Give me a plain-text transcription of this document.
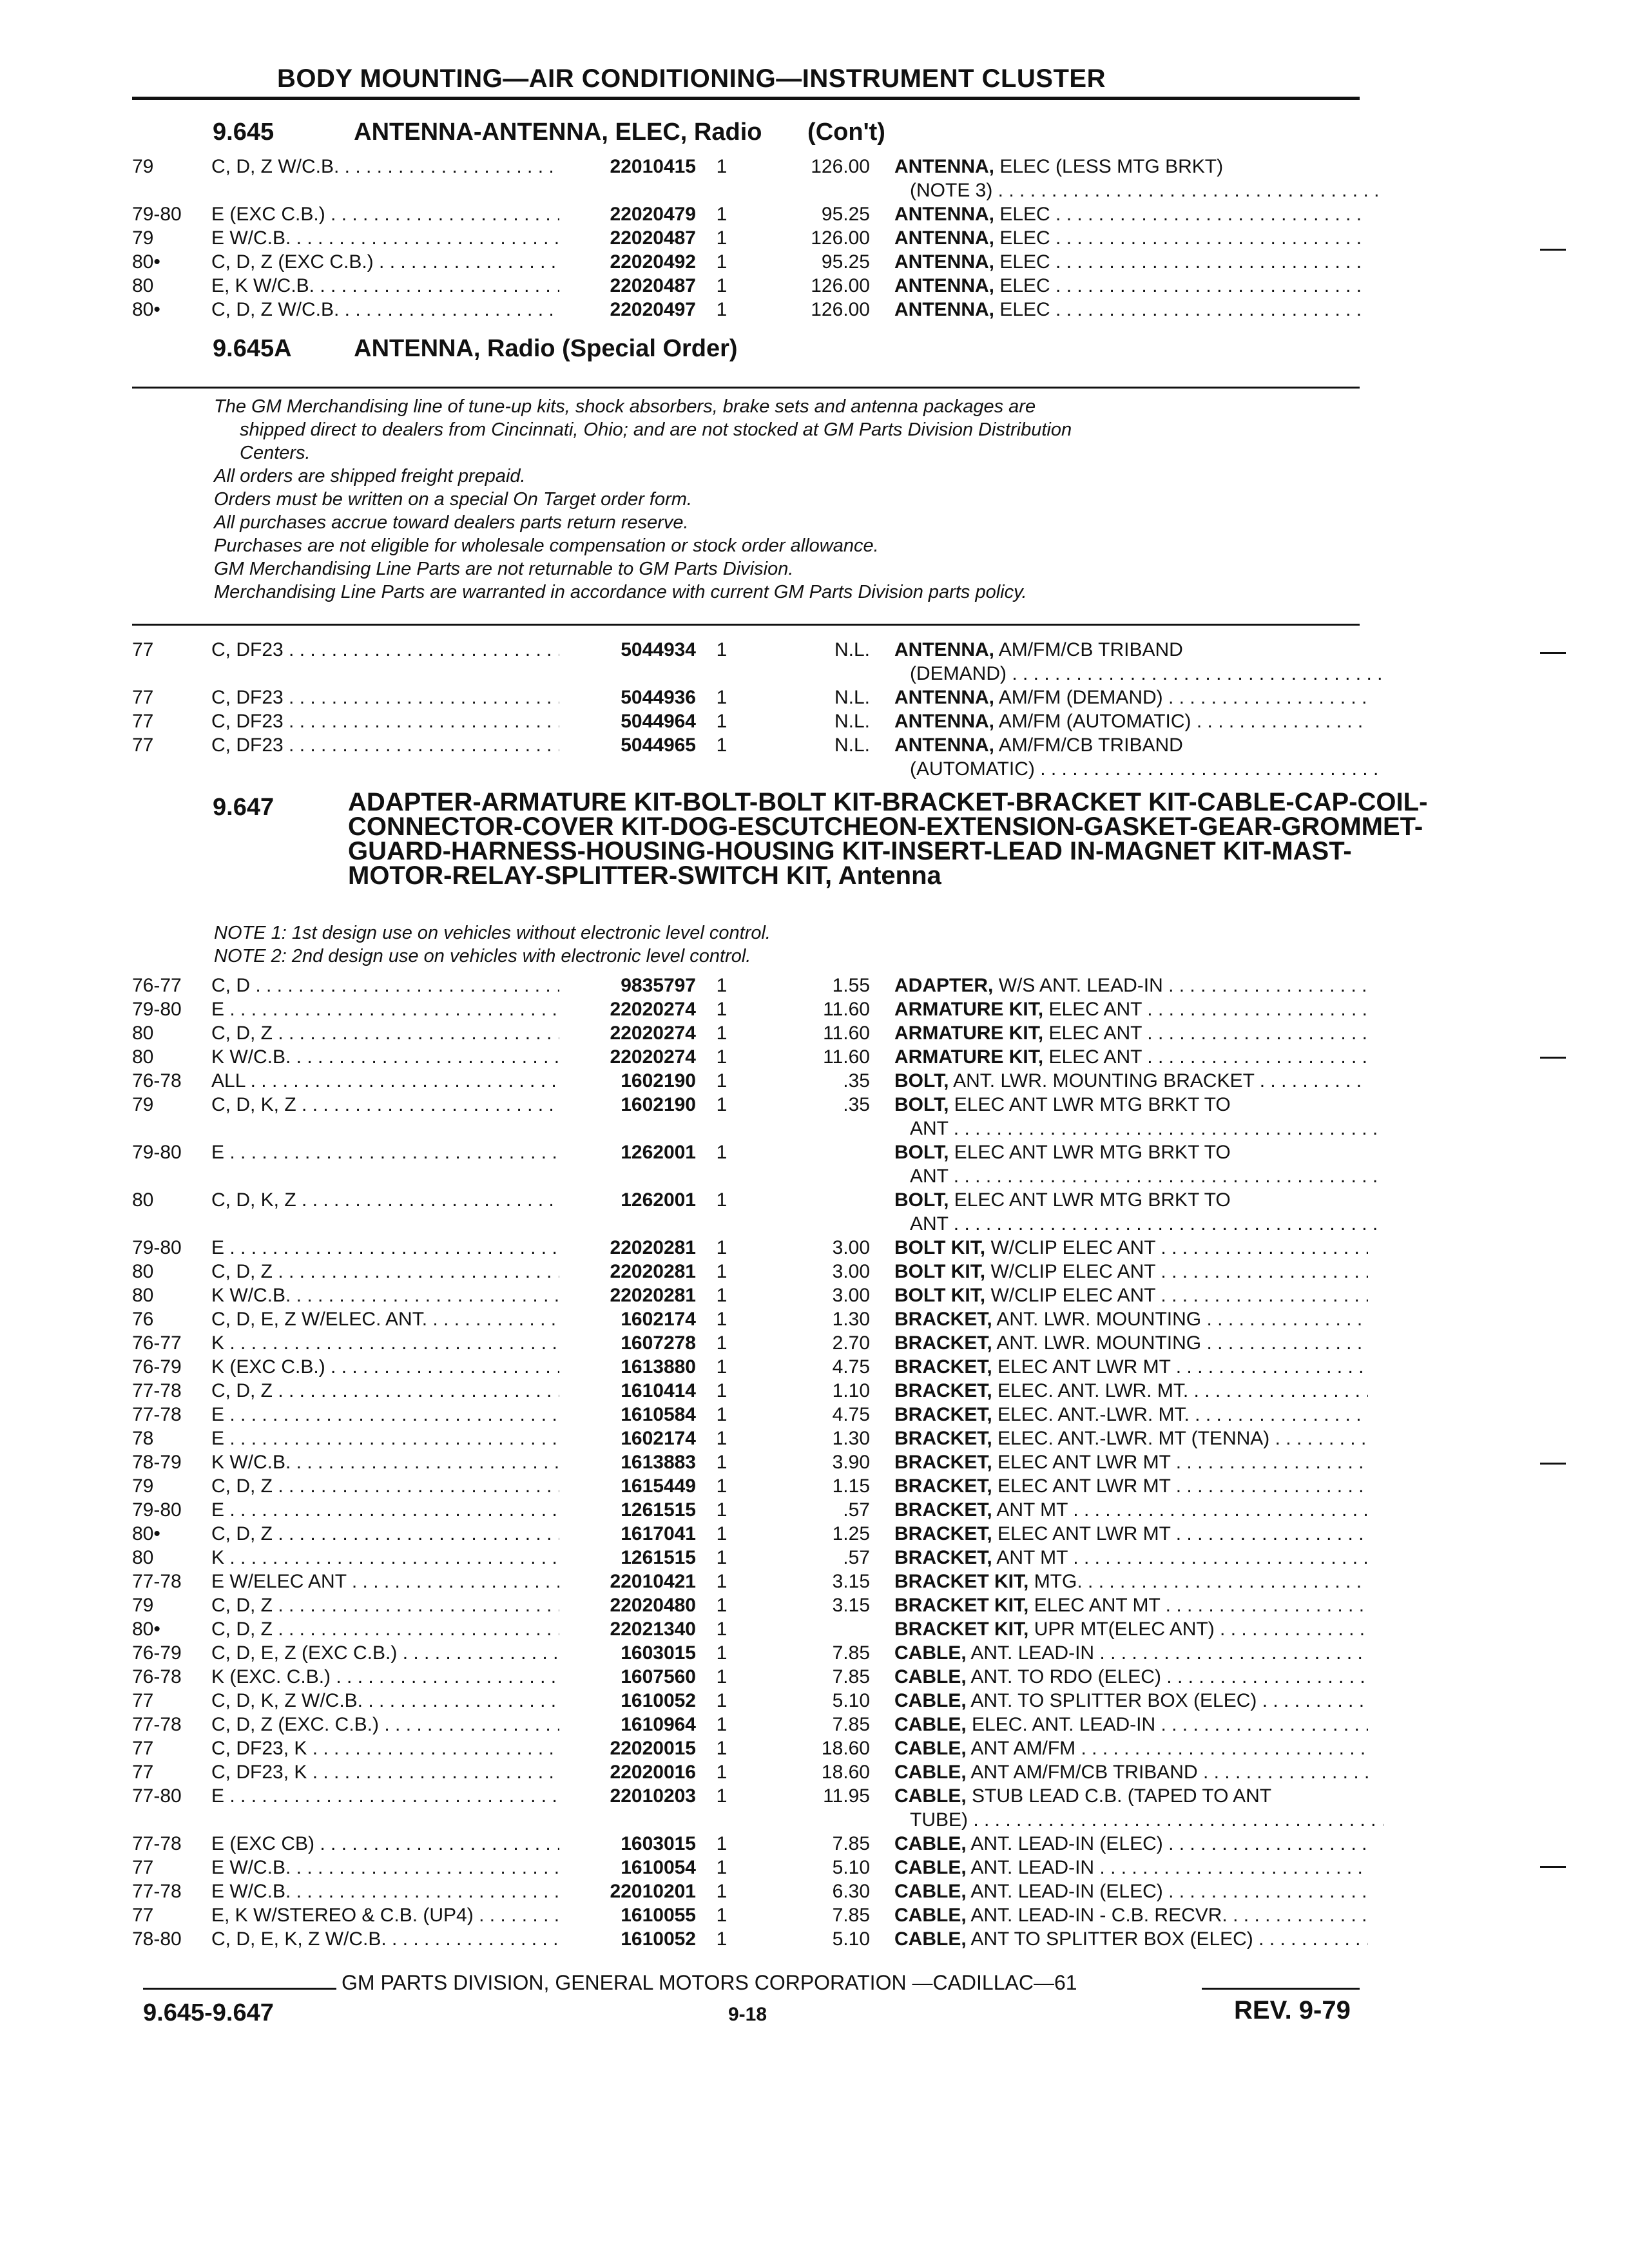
BODY MOUNTING—AIR CONDITIONING—INSTRUMENT CLUSTER
9.645	ANTENNA-ANTENNA, ELEC, Radio (Con't)
79	C, D, Z W/C.B. . . .	22010415	1	126.00 ANTENNA, ELEC (LESS MTG BRKT)
(NOTE 3) . . .
79-80	E (EXC C.B.) . . .	22020479	1	95.25 ANTENNA, ELEC . . .
79	E W/C.B. . . .	22020487	1	126.00 ANTENNA, ELEC . . .
80•	C, D, Z (EXC C.B.) . . .	22020492	1	95.25 ANTENNA, ELEC . . .
80	E, K W/C.B. . . .	22020487	1	126.00 ANTENNA, ELEC . . .
80•	C, D, Z W/C.B. . . .	22020497	1	126.00 ANTENNA, ELEC . . .
9.645A	ANTENNA, Radio (Special Order)
The GM Merchandising line of tune-up kits, shock absorbers, brake sets and antenna packages are
shipped direct to dealers from Cincinnati, Ohio; and are not stocked at GM Parts Division Distribution
Centers.
All orders are shipped freight prepaid.
Orders must be written on a special On Target order form.
All purchases accrue toward dealers parts return reserve.
Purchases are not eligible for wholesale compensation or stock order allowance.
GM Merchandising Line Parts are not returnable to GM Parts Division.
Merchandising Line Parts are warranted in accordance with current GM Parts Division parts policy.
77	C, DF23 . . .	5044934	1	N.L. ANTENNA, AM/FM/CB TRIBAND
(DEMAND) . . .
77	C, DF23 . . .	5044936	1	N.L. ANTENNA, AM/FM (DEMAND) . . .
77	C, DF23 . . .	5044964	1	N.L. ANTENNA, AM/FM (AUTOMATIC) . . .
77	C, DF23 . . .	5044965	1	N.L. ANTENNA, AM/FM/CB TRIBAND
(AUTOMATIC) . . .
9.647	ADAPTER-ARMATURE KIT-BOLT-BOLT KIT-BRACKET-BRACKET KIT-CABLE-CAP-COIL-CONNECTOR-COVER KIT-DOG-ESCUTCHEON-EXTENSION-GASKET-GEAR-GROMMET-GUARD-HARNESS-HOUSING-HOUSING KIT-INSERT-LEAD IN-MAGNET KIT-MAST-MOTOR-RELAY-SPLITTER-SWITCH KIT, Antenna
NOTE 1: 1st design use on vehicles without electronic level control.
NOTE 2: 2nd design use on vehicles with electronic level control.
76-77	C, D . . .	9835797	1	1.55 ADAPTER, W/S ANT. LEAD-IN . . .
79-80	E . . .	22020274	1	11.60 ARMATURE KIT, ELEC ANT . . .
80	C, D, Z . . .	22020274	1	11.60 ARMATURE KIT, ELEC ANT . . .
80	K W/C.B. . . .	22020274	1	11.60 ARMATURE KIT, ELEC ANT . . .
76-78	ALL . . .	1602190	1	.35 BOLT, ANT. LWR. MOUNTING BRACKET . . .
79	C, D, K, Z . . .	1602190	1	.35 BOLT, ELEC ANT LWR MTG BRKT TO
ANT . . .
79-80	E . . .	1262001	1	BOLT, ELEC ANT LWR MTG BRKT TO
ANT . . .
80	C, D, K, Z . . .	1262001	1	BOLT, ELEC ANT LWR MTG BRKT TO
ANT . . .
79-80	E . . .	22020281	1	3.00 BOLT KIT, W/CLIP ELEC ANT . . .
80	C, D, Z . . .	22020281	1	3.00 BOLT KIT, W/CLIP ELEC ANT . . .
80	K W/C.B. . . .	22020281	1	3.00 BOLT KIT, W/CLIP ELEC ANT . . .
76	C, D, E, Z W/ELEC. ANT. . . .	1602174	1	1.30 BRACKET, ANT. LWR. MOUNTING . . .
76-77	K . . .	1607278	1	2.70 BRACKET, ANT. LWR. MOUNTING . . .
76-79	K (EXC C.B.) . . .	1613880	1	4.75 BRACKET, ELEC ANT LWR MT . . .
77-78	C, D, Z . . .	1610414	1	1.10 BRACKET, ELEC. ANT. LWR. MT. . . .
77-78	E . . .	1610584	1	4.75 BRACKET, ELEC. ANT.-LWR. MT. . . .
78	E . . .	1602174	1	1.30 BRACKET, ELEC. ANT.-LWR. MT (TENNA) . . .
78-79	K W/C.B. . . .	1613883	1	3.90 BRACKET, ELEC ANT LWR MT . . .
79	C, D, Z . . .	1615449	1	1.15 BRACKET, ELEC ANT LWR MT . . .
79-80	E . . .	1261515	1	.57 BRACKET, ANT MT . . .
80•	C, D, Z . . .	1617041	1	1.25 BRACKET, ELEC ANT LWR MT . . .
80	K . . .	1261515	1	.57 BRACKET, ANT MT . . .
77-78	E W/ELEC ANT . . .	22010421	1	3.15 BRACKET KIT, MTG. . . .
79	C, D, Z . . .	22020480	1	3.15 BRACKET KIT, ELEC ANT MT . . .
80•	C, D, Z . . .	22021340	1	BRACKET KIT, UPR MT(ELEC ANT) . . .
76-79	C, D, E, Z (EXC C.B.) . . .	1603015	1	7.85 CABLE, ANT. LEAD-IN . . .
76-78	K (EXC. C.B.) . . .	1607560	1	7.85 CABLE, ANT. TO RDO (ELEC) . . .
77	C, D, K, Z W/C.B. . . .	1610052	1	5.10 CABLE, ANT. TO SPLITTER BOX (ELEC) . . .
77-78	C, D, Z (EXC. C.B.) . . .	1610964	1	7.85 CABLE, ELEC. ANT. LEAD-IN . . .
77	C, DF23, K . . .	22020015	1	18.60 CABLE, ANT AM/FM . . .
77	C, DF23, K . . .	22020016	1	18.60 CABLE, ANT AM/FM/CB TRIBAND . . .
77-80	E . . .	22010203	1	11.95 CABLE, STUB LEAD C.B. (TAPED TO ANT
TUBE) . . .
77-78	E (EXC CB) . . .	1603015	1	7.85 CABLE, ANT. LEAD-IN (ELEC) . . .
77	E W/C.B. . . .	1610054	1	5.10 CABLE, ANT. LEAD-IN . . .
77-78	E W/C.B. . . .	22010201	1	6.30 CABLE, ANT. LEAD-IN (ELEC) . . .
77	E, K W/STEREO & C.B. (UP4) . . .	1610055	1	7.85 CABLE, ANT. LEAD-IN - C.B. RECVR. . . .
78-80	C, D, E, K, Z W/C.B. . . .	1610052	1	5.10 CABLE, ANT TO SPLITTER BOX (ELEC) . . .
GM PARTS DIVISION, GENERAL MOTORS CORPORATION —CADILLAC—61
9.645-9.647	9-18	REV. 9-79
